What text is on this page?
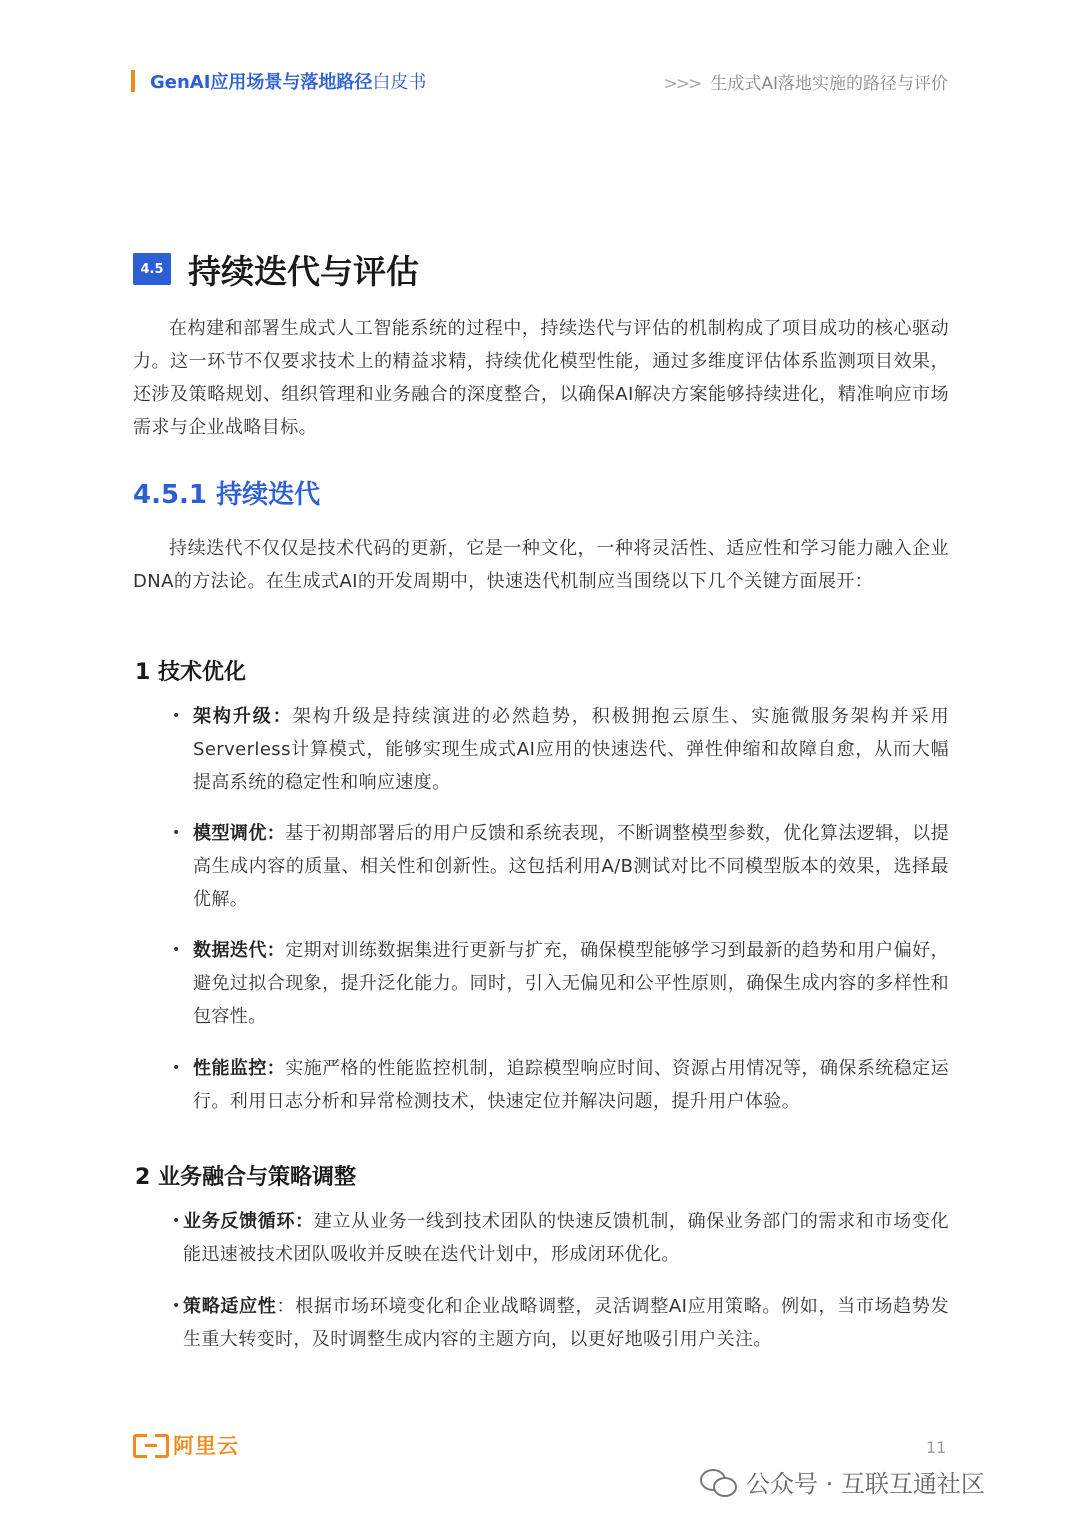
GenAI应用场景与落地路径白皮书	>>> 生成式AI落地实施的路径与评价
4.5 持续迭代与评估
在构建和部署生成式人工智能系统的过程中，持续迭代与评估的机制构成了项目成功的核心驱动力。这一环节不仅要求技术上的精益求精，持续优化模型性能，通过多维度评估体系监测项目效果，还涉及策略规划、组织管理和业务融合的深度整合，以确保AI解决方案能够持续进化，精准响应市场需求与企业战略目标。
4.5.1 持续迭代
持续迭代不仅仅是技术代码的更新，它是一种文化，一种将灵活性、适应性和学习能力融入企业DNA的方法论。在生成式AI的开发周期中，快速迭代机制应当围绕以下几个关键方面展开：
1 技术优化
• 架构升级：架构升级是持续演进的必然趋势，积极拥抱云原生、实施微服务架构并采用Serverless计算模式，能够实现生成式AI应用的快速迭代、弹性伸缩和故障自愈，从而大幅提高系统的稳定性和响应速度。
• 模型调优：基于初期部署后的用户反馈和系统表现，不断调整模型参数，优化算法逻辑，以提高生成内容的质量、相关性和创新性。这包括利用A/B测试对比不同模型版本的效果，选择最优解。
• 数据迭代：定期对训练数据集进行更新与扩充，确保模型能够学习到最新的趋势和用户偏好，避免过拟合现象，提升泛化能力。同时，引入无偏见和公平性原则，确保生成内容的多样性和包容性。
• 性能监控：实施严格的性能监控机制，追踪模型响应时间、资源占用情况等，确保系统稳定运行。利用日志分析和异常检测技术，快速定位并解决问题，提升用户体验。
2 业务融合与策略调整
• 业务反馈循环：建立从业务一线到技术团队的快速反馈机制，确保业务部门的需求和市场变化能迅速被技术团队吸收并反映在迭代计划中，形成闭环优化。
• 策略适应性：根据市场环境变化和企业战略调整，灵活调整AI应用策略。例如，当市场趋势发生重大转变时，及时调整生成内容的主题方向，以更好地吸引用户关注。
阿里云	11
公众号 · 互联互通社区
